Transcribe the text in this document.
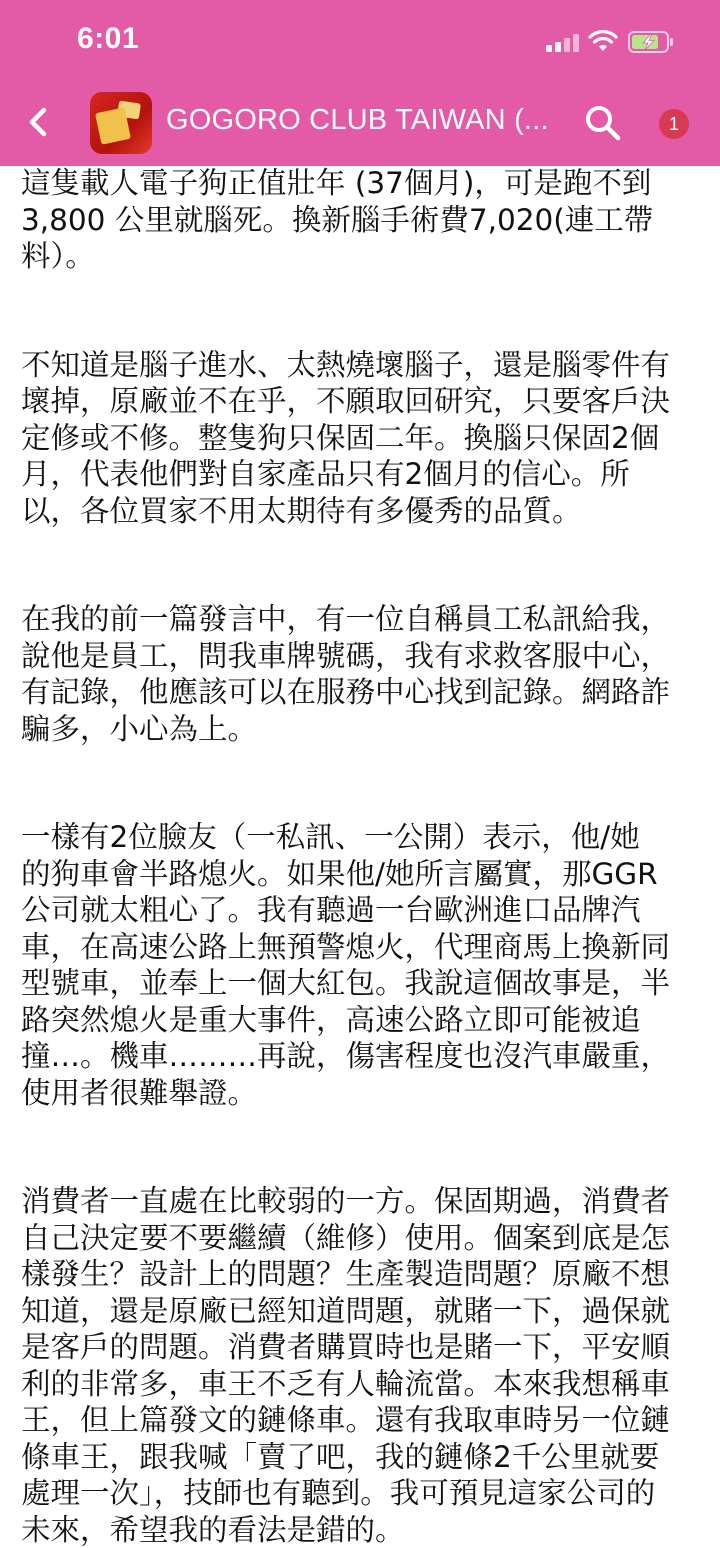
6:01
GOGORO CLUB TAIWAN (...	1

這隻載人電子狗正值壯年 (37個月)，可是跑不到
3,800 公里就腦死。換新腦手術費7,020(連工帶
料）。

不知道是腦子進水、太熱燒壞腦子，還是腦零件有
壞掉，原廠並不在乎，不願取回研究，只要客戶決
定修或不修。整隻狗只保固二年。換腦只保固2個
月，代表他們對自家產品只有2個月的信心。所
以，各位買家不用太期待有多優秀的品質。

在我的前一篇發言中，有一位自稱員工私訊給我，
說他是員工，問我車牌號碼，我有求救客服中心，
有記錄，他應該可以在服務中心找到記錄。網路詐
騙多，小心為上。

一樣有2位臉友（一私訊、一公開）表示，他/她
的狗車會半路熄火。如果他/她所言屬實，那GGR
公司就太粗心了。我有聽過一台歐洲進口品牌汽
車，在高速公路上無預警熄火，代理商馬上換新同
型號車，並奉上一個大紅包。我說這個故事是，半
路突然熄火是重大事件，高速公路立即可能被追
撞…。機車………再說，傷害程度也沒汽車嚴重，
使用者很難舉證。

消費者一直處在比較弱的一方。保固期過，消費者
自己決定要不要繼續（維修）使用。個案到底是怎
樣發生？設計上的問題？生產製造問題？原廠不想
知道，還是原廠已經知道問題，就賭一下，過保就
是客戶的問題。消費者購買時也是賭一下，平安順
利的非常多，車王不乏有人輪流當。本來我想稱車
王，但上篇發文的鏈條車。還有我取車時另一位鏈
條車王，跟我喊「賣了吧，我的鏈條2千公里就要
處理一次」，技師也有聽到。我可預見這家公司的
未來，希望我的看法是錯的。
